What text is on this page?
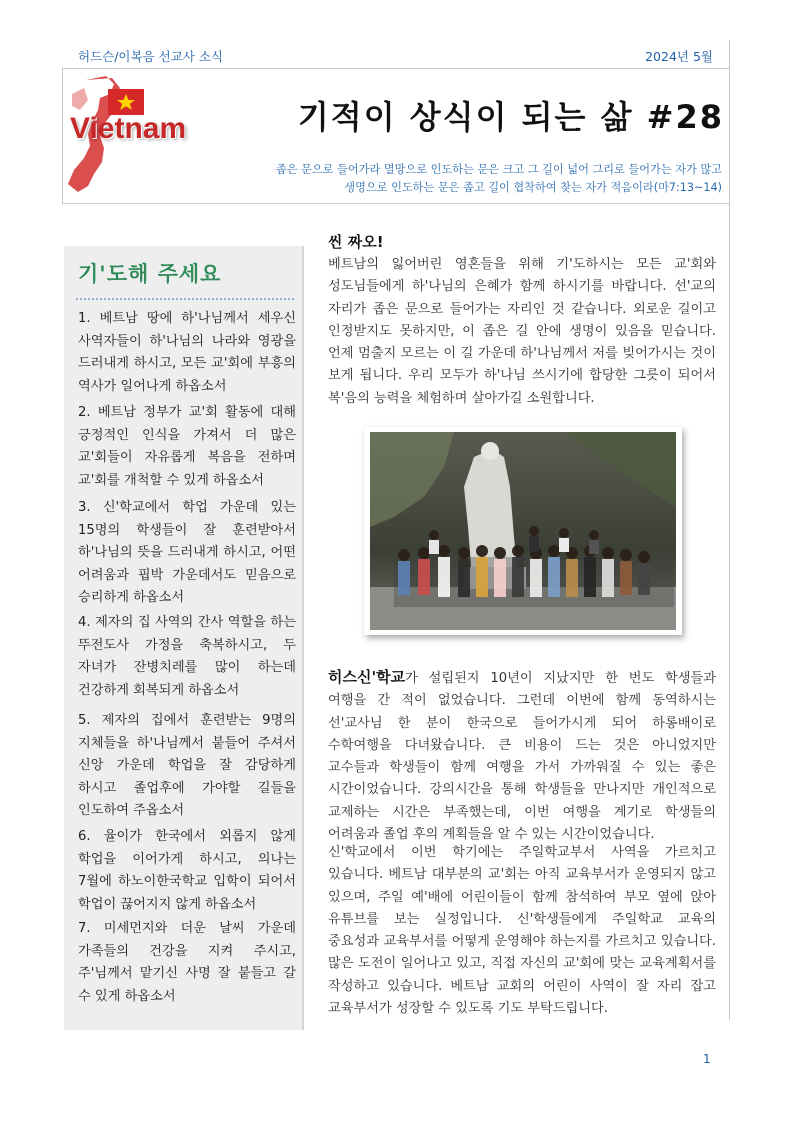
허드슨/이복음 선교사 소식	2024년 5월
Vietnam	기적이 상식이 되는 삶 #28
좁은 문으로 들어가라 멸망으로 인도하는 문은 크고 그 길이 넓어 그리로 들어가는 자가 많고
생명으로 인도하는 문은 좁고 길이 협착하여 찾는 자가 적음이라(마7:13~14)
기'도해 주세요
1. 베트남 땅에 하'나님께서 세우신 사역자들이 하'나님의 나라와 영광을 드러내게 하시고, 모든 교'회에 부흥의 역사가 일어나게 하옵소서
2. 베트남 정부가 교'회 활동에 대해 긍정적인 인식을 가져서 더 많은 교'회들이 자유롭게 복음을 전하며 교'회를 개척할 수 있게 하옵소서
3. 신'학교에서 학업 가운데 있는 15명의 학생들이 잘 훈련받아서 하'나님의 뜻을 드러내게 하시고, 어떤 어려움과 핍박 가운데서도 믿음으로 승리하게 하옵소서
4. 제자의 집 사역의 간사 역할을 하는 뚜전도사 가정을 축복하시고, 두 자녀가 잔병치레를 많이 하는데 건강하게 회복되게 하옵소서
5. 제자의 집에서 훈련받는 9명의 지체들을 하'나님께서 붙들어 주셔서 신앙 가운데 학업을 잘 감당하게 하시고 졸업후에 가야할 길들을 인도하여 주옵소서
6. 율이가 한국에서 외롭지 않게 학업을 이어가게 하시고, 의나는 7월에 하노이한국학교 입학이 되어서 학업이 끊어지지 않게 하옵소서
7. 미세먼지와 더운 날씨 가운데 가족들의 건강을 지켜 주시고, 주'님께서 맡기신 사명 잘 붙들고 갈 수 있게 하옵소서
씬 짜오!
베트남의 잃어버린 영혼들을 위해 기'도하시는 모든 교'회와 성도님들에게 하'나님의 은혜가 함께 하시기를 바랍니다. 선'교의 자리가 좁은 문으로 들어가는 자리인 것 같습니다. 외로운 길이고 인정받지도 못하지만, 이 좁은 길 안에 생명이 있음을 믿습니다. 언제 멈출지 모르는 이 길 가운데 하'나님께서 저를 빚어가시는 것이 보게 됩니다. 우리 모두가 하'나님 쓰시기에 합당한 그릇이 되어서 복'음의 능력을 체험하며 살아가길 소원합니다.
히스신'학교가 설립된지 10년이 지났지만 한 번도 학생들과 여행을 간 적이 없었습니다. 그런데 이번에 함께 동역하시는 선'교사님 한 분이 한국으로 들어가시게 되어 하롱배이로 수학여행을 다녀왔습니다. 큰 비용이 드는 것은 아니었지만 교수들과 학생들이 함께 여행을 가서 가까워질 수 있는 좋은 시간이었습니다. 강의시간을 통해 학생들을 만나지만 개인적으로 교제하는 시간은 부족했는데, 이번 여행을 계기로 학생들의 어려움과 졸업 후의 계획들을 알 수 있는 시간이었습니다.
신'학교에서 이번 학기에는 주일학교부서 사역을 가르치고 있습니다. 베트남 대부분의 교'회는 아직 교육부서가 운영되지 않고 있으며, 주일 예'배에 어린이들이 함께 참석하여 부모 옆에 앉아 유튜브를 보는 실정입니다. 신'학생들에게 주일학교 교육의 중요성과 교육부서를 어떻게 운영해야 하는지를 가르치고 있습니다. 많은 도전이 일어나고 있고, 직접 자신의 교'회에 맞는 교육계획서를 작성하고 있습니다. 베트남 교회의 어린이 사역이 잘 자리 잡고 교육부서가 성장할 수 있도록 기도 부탁드립니다.
1
